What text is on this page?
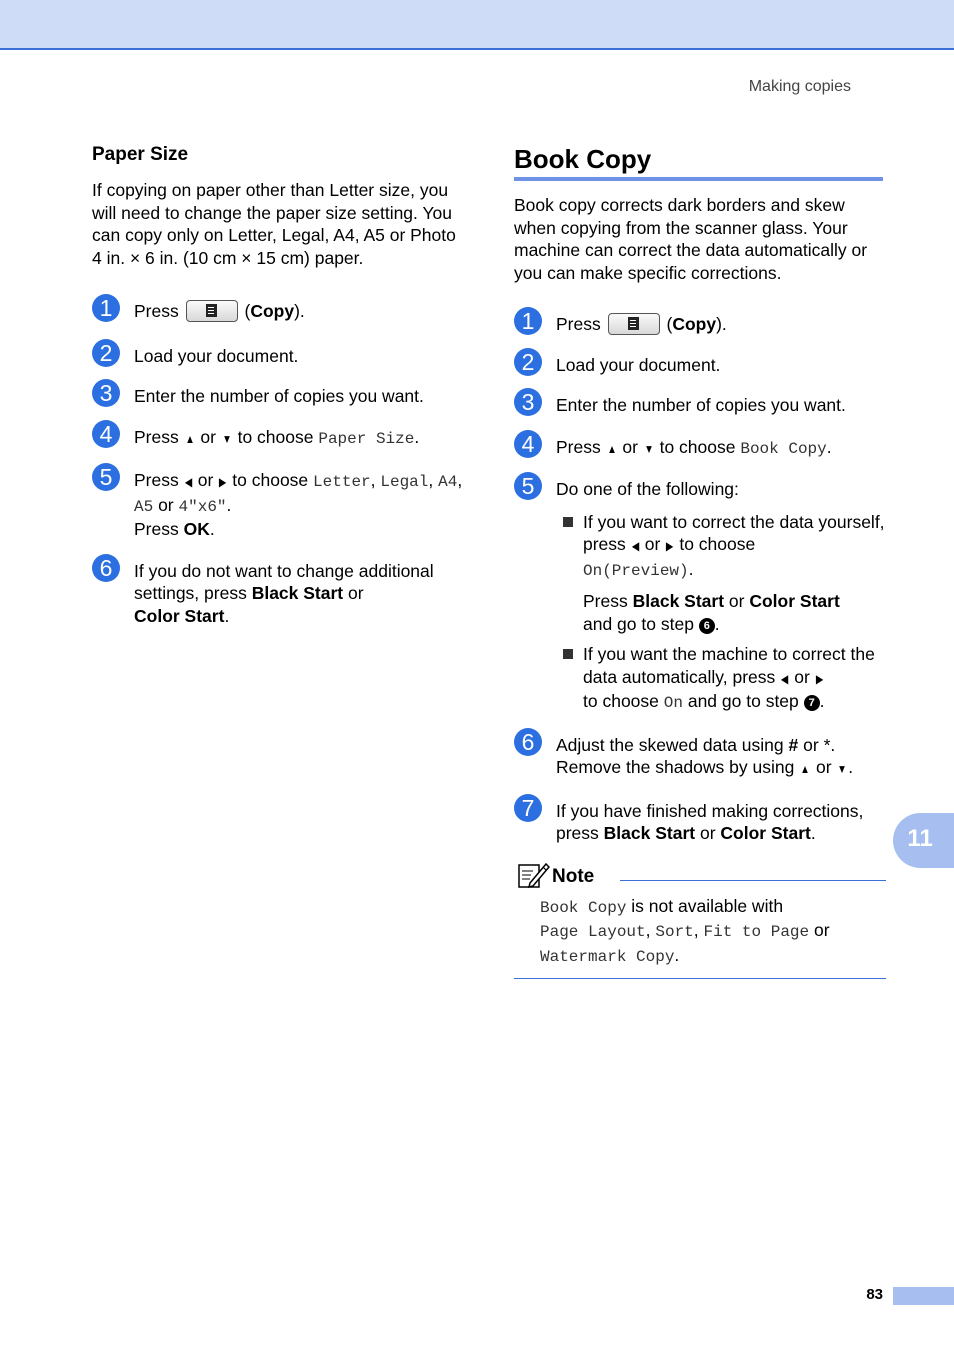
Making copies
Paper Size

If copying on paper other than Letter size, you will need to change the paper size setting. You can copy only on Letter, Legal, A4, A5 or Photo 4 in. × 6 in. (10 cm × 15 cm) paper.

1	Press	(Copy).
2	Load your document.
3	Enter the number of copies you want.
4	Press ▲ or ▼ to choose Paper Size.
5	Press ◀ or ▶ to choose Letter, Legal, A4, A5 or 4"x6".
Press OK.
6	If you do not want to change additional settings, press Black Start or
Color Start.
Book Copy

Book copy corrects dark borders and skew when copying from the scanner glass. Your machine can correct the data automatically or you can make specific corrections.

1	Press	(Copy).
2	Load your document.
3	Enter the number of copies you want.
4	Press ▲ or ▼ to choose Book Copy.
5	Do one of the following:
If you want to correct the data yourself, press ◀ or ▶ to choose
On(Preview).
Press Black Start or Color Start
and go to step 6 .
If you want the machine to correct the data automatically, press ◀ or ▶
to choose On and go to step 7 .
6	Adjust the skewed data using # or *.
Remove the shadows by using ▲ or ▼.
7	If you have finished making corrections, press Black Start or Color Start.
Note
Book Copy is not available with
Page Layout, Sort, Fit to Page or
Watermark Copy.
11
83
